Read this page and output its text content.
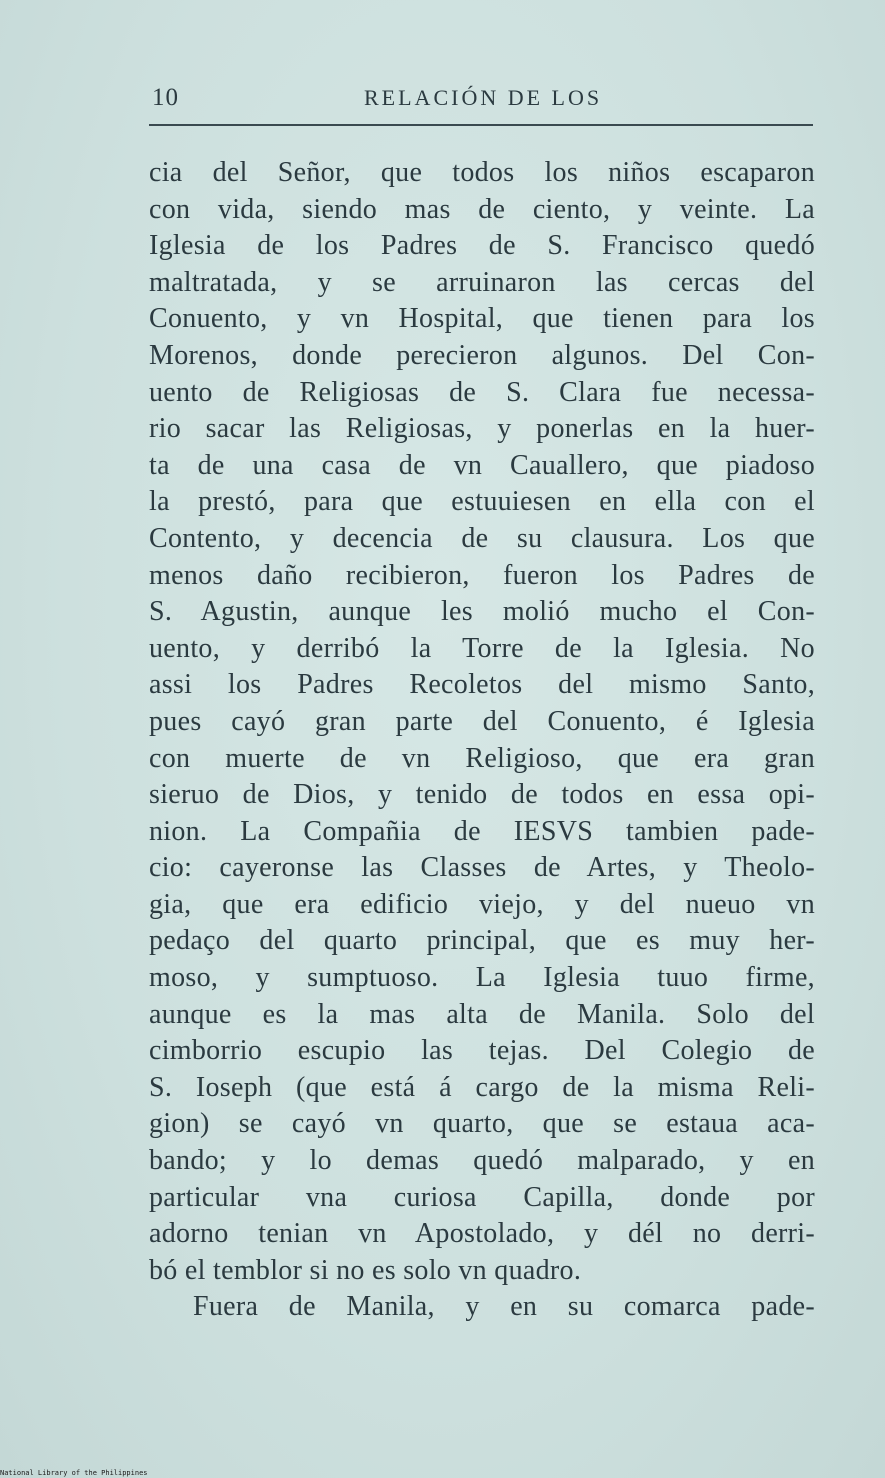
10	RELACIÓN DE LOS
cia del Señor, que todos los niños escaparon
con vida, siendo mas de ciento, y veinte. La
Iglesia de los Padres de S. Francisco quedó
maltratada, y se arruinaron las cercas del
Conuento, y vn Hospital, que tienen para los
Morenos, donde perecieron algunos. Del Con-
uento de Religiosas de S. Clara fue necessa-
rio sacar las Religiosas, y ponerlas en la huer-
ta de una casa de vn Cauallero, que piadoso
la prestó, para que estuuiesen en ella con el
Contento, y decencia de su clausura. Los que
menos daño recibieron, fueron los Padres de
S. Agustin, aunque les molió mucho el Con-
uento, y derribó la Torre de la Iglesia. No
assi los Padres Recoletos del mismo Santo,
pues cayó gran parte del Conuento, é Iglesia
con muerte de vn Religioso, que era gran
sieruo de Dios, y tenido de todos en essa opi-
nion. La Compañia de IESVS tambien pade-
cio: cayeronse las Classes de Artes, y Theolo-
gia, que era edificio viejo, y del nueuo vn
pedaço del quarto principal, que es muy her-
moso, y sumptuoso. La Iglesia tuuo firme,
aunque es la mas alta de Manila. Solo del
cimborrio escupio las tejas. Del Colegio de
S. Ioseph (que está á cargo de la misma Reli-
gion) se cayó vn quarto, que se estaua aca-
bando; y lo demas quedó malparado, y en
particular vna curiosa Capilla, donde por
adorno tenian vn Apostolado, y dél no derri-
bó el temblor si no es solo vn quadro.
Fuera de Manila, y en su comarca pade-
National Library of the Philippines
